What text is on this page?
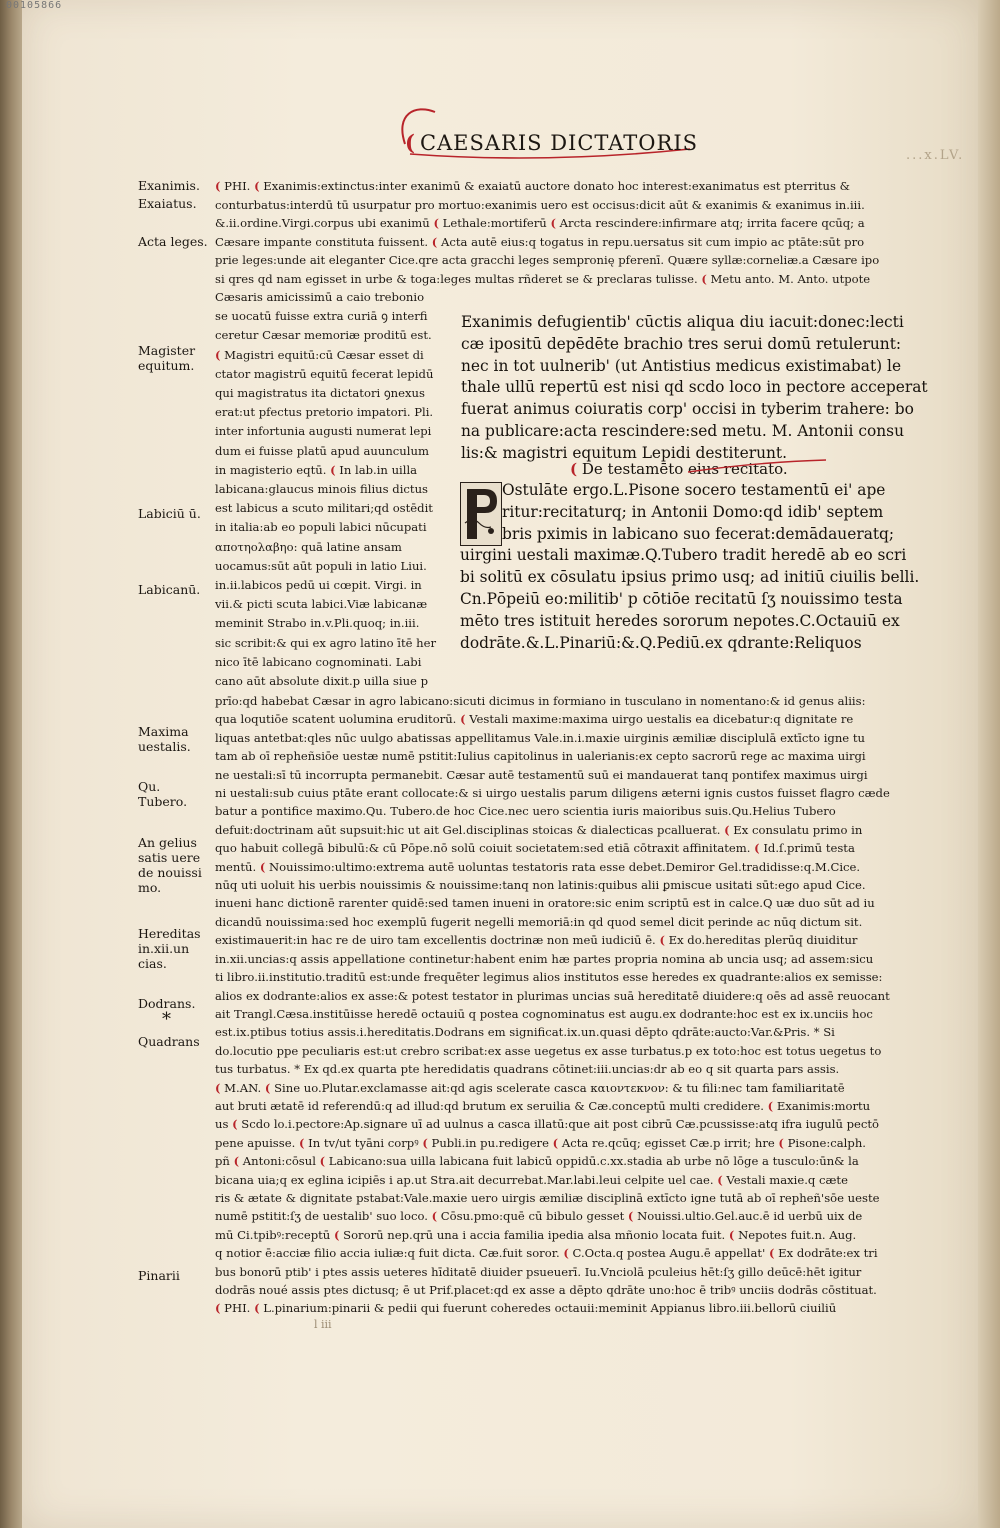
00105866
( CAESARIS DICTATORIS
...x.LV.
Exanimis.
Exaiatus.
Acta leges.
Magister equitum.
Labiciū ū.
Labicanū.
Maxima uestalis.
Qu. Tubero.
An gelius satis uere de nouissi mo.
Hereditas in.xii.un cias.
Dodrans.
*
Quadrans
Pinarii
( PHI. ( Exanimis:extinctus:inter exanimū & exaiatū auctore donato hoc interest:exanimatus est pterritus &
conturbatus:interdū tū usurpatur pro mortuo:exanimis uero est occisus:dicit aūt & exanimis & exanimus in.iii.
&.ii.ordine.Virgi.corpus ubi exanimū ( Lethale:mortiferū ( Arcta rescindere:infirmare atq; irrita facere qcūq; a
Cæsare impante constituta fuissent. ( Acta autē eius:q togatus in repu.uersatus sit cum impio ac ptāte:sūt pro
prie leges:unde ait eleganter Cice.qre acta gracchi leges sempronię pferenī. Quære syllæ:corneliæ.a Cæsare ipo
si qres qd nam egisset in urbe & toga:leges multas rñderet se & preclaras tulisse. ( Metu anto. M. Anto. utpote
Cæsaris amicissimū a caio trebonio
se uocatū fuisse extra curiā ꝯ interfi
ceretur Cæsar memoriæ proditū est.
( Magistri equitū:cū Cæsar esset di
ctator magistrū equitū fecerat lepidū
qui magistratus ita dictatori ꝯnexus
erat:ut pfectus pretorio impatori. Pli.
inter infortunia augusti numerat lepi
dum ei fuisse platū apud auunculum
in magisterio eqtū. ( In lab.in uilla
labicana:glaucus minois filius dictus
est labicus a scuto militari;qd ostēdit
in italia:ab eo populi labici nūcupati
αποτηολαβηο: quā latine ansam
uocamus:sūt aūt populi in latio Liui.
in.ii.labicos pedū ui cœpit. Virgi. in
vii.& picti scuta labici.Viæ labicanæ
meminit Strabo in.v.Pli.quoq; in.iii.
sic scribit:& qui ex agro latino ītē her
nico ītē labicano cognominati. Labi
cano aūt absolute dixit.p uilla siue p
Exanimis defugientib' cūctis aliqua diu iacuit:donec:lecti
cæ ipositū depēdēte brachio tres serui domū retulerunt:
nec in tot uulnerib' (ut Antistius medicus existimabat) le
thale ullū repertū est nisi qd scdo loco in pectore acceperat
fuerat animus coiuratis corp' occisi in tyberim trahere: bo
na publicare:acta rescindere:sed metu. M. Antonii consu
lis:& magistri equitum Lepidi destiterunt.
( De testamēto eius recitato.
Ostulāte ergo.L.Pisone socero testamentū ei' ape
ritur:recitaturq; in Antonii Domo:qd idib' septem
bris pximis in labicano suo fecerat:demādaueratq;
uirgini uestali maximæ.Q.Tubero tradit heredē ab eo scri
bi solitū ex cōsulatu ipsius primo usq; ad initiū ciuilis belli.
Cn.Pōpeiū eo:militib' p cōtiōe recitatū ſʒ nouissimo testa
mēto tres istituit heredes sororum nepotes.C.Octauiū ex
dodrāte.&.L.Pinariū:&.Q.Pediū.ex qdrante:Reliquos
prīo:qd habebat Cæsar in agro labicano:sicuti dicimus in formiano in tusculano in nomentano:& id genus aliis:
qua loqutiōe scatent uolumina eruditorū. ( Vestali maxime:maxima uirgo uestalis ea dicebatur:q dignitate re
liquas antetbat:qles nūc uulgo abatissas appellitamus Vale.in.i.maxie uirginis æmiliæ disciplulā extīcto igne tu
tam ab oī repheñsiōe uestæ numē pstitit:Iulius capitolinus in ualerianis:ex cepto sacrorū rege ac maxima uirgi
ne uestali:sī tū incorrupta permanebit. Cæsar autē testamentū suū ei mandauerat tanq pontifex maximus uirgi
ni uestali:sub cuius ptāte erant collocate:& si uirgo uestalis parum diligens æterni ignis custos fuisset flagro cæde
batur a pontifice maximo.Qu. Tubero.de hoc Cice.nec uero scientia iuris maioribus suis.Qu.Helius Tubero
defuit:doctrinam aūt supsuit:hic ut ait Gel.disciplinas stoicas & dialecticas pcalluerat. ( Ex consulatu primo in
quo habuit collegā bibulū:& cū Pōpe.nō solū coiuit societatem:sed etiā cōtraxit affinitatem. ( Id.ſ.primū testa
mentū. ( Nouissimo:ultimo:extrema autē uoluntas testatoris rata esse debet.Demiror Gel.tradidisse:q.M.Cice.
nūq uti uoluit his uerbis nouissimis & nouissime:tanq non latinis:quibus alii ꝑmiscue usitati sūt:ego apud Cice.
inueni hanc dictionē rarenter quidē:sed tamen inueni in oratore:sic enim scriptū est in calce.Q uæ duo sūt ad iu
dicandū nouissima:sed hoc exemplū fugerit negelli memoriā:in qd quod semel dicit perinde ac nūq dictum sit.
existimauerit:in hac re de uiro tam excellentis doctrinæ non meū iudiciū ē. ( Ex do.hereditas plerūq diuiditur
in.xii.uncias:q assis appellatione continetur:habent enim hæ partes propria nomina ab uncia usq; ad assem:sicu
ti libro.ii.institutio.traditū est:unde frequēter legimus alios institutos esse heredes ex quadrante:alios ex semisse:
alios ex dodrante:alios ex asse:& potest testator in plurimas uncias suā hereditatē diuidere:q oēs ad assē reuocant
ait Trangl.Cæsa.institūisse heredē octauiū q postea cognominatus est augu.ex dodrante:hoc est ex ix.unciis hoc
est.ix.ptibus totius assis.i.hereditatis.Dodrans em significat.ix.un.quasi dēpto qdrāte:aucto:Var.&Pris. * Si
do.locutio ppe peculiaris est:ut crebro scribat:ex asse uegetus ex asse turbatus.p ex toto:hoc est totus uegetus to
tus turbatus. * Ex qd.ex quarta pte heredidatis quadrans cōtinet:iii.uncias:dr ab eo q sit quarta pars assis.
( M.AN. ( Sine uo.Plutar.exclamasse ait:qd agis scelerate casca καιοντεκνον: & tu fili:nec tam familiaritatē
aut bruti ætatē id referendū:q ad illud:qd brutum ex seruilia & Cæ.conceptū multi credidere. ( Exanimis:mortu
us ( Scdo lo.i.pectore:Ap.signare uī ad uulnus a casca illatū:que ait post cibrū Cæ.pcussisse:atq ifra iugulū pectō
pene apuisse. ( In tv/ut tyāni corpꝰ ( Publi.in pu.redigere ( Acta re.qcūq; egisset Cæ.p irrit; hre ( Pisone:calph.
pñ ( Antoni:cōsul ( Labicano:sua uilla labicana fuit labicū oppidū.c.xx.stadia ab urbe nō lōge a tusculo:ūn& la
bicana uia;q ex eglina icipiēs i ap.ut Stra.ait decurrebat.Mar.labi.leui celpite uel cae. ( Vestali maxie.q cæte
ris & ætate & dignitate pstabat:Vale.maxie uero uirgis æmiliæ disciplinā extīcto igne tutā ab oī repheñ'sōe ueste
numē pstitit:ſʒ de uestalib' suo loco. ( Cōsu.pmo:quē cū bibulo gesset ( Nouissi.ultio.Gel.auc.ē id uerbū uix de
mū Ci.tpibꝰ:receptū ( Sororū nep.qrū una i accia familia ipedia alsa mñonio locata fuit. ( Nepotes fuit.n. Aug.
q notior ē:acciæ filio accia iuliæ:q fuit dicta. Cæ.fuit soror. ( C.Octa.q postea Augu.ē appellat' ( Ex dodrāte:ex tri
bus bonorū ptib' i ptes assis ueteres hīditatē diuider psueuerī. Iu.Vnciolā pculeius hēt:ſʒ gillo deūcē:hēt igitur
dodrās noué assis ptes dictusq; ē ut Prif.placet:qd ex asse a dēpto qdrāte uno:hoc ē tribꝰ unciis dodrās cōstituat.
( PHI. ( L.pinarium:pinarii & pedii qui fuerunt coheredes octauii:meminit Appianus libro.iii.bellorū ciuiliū
l iii
